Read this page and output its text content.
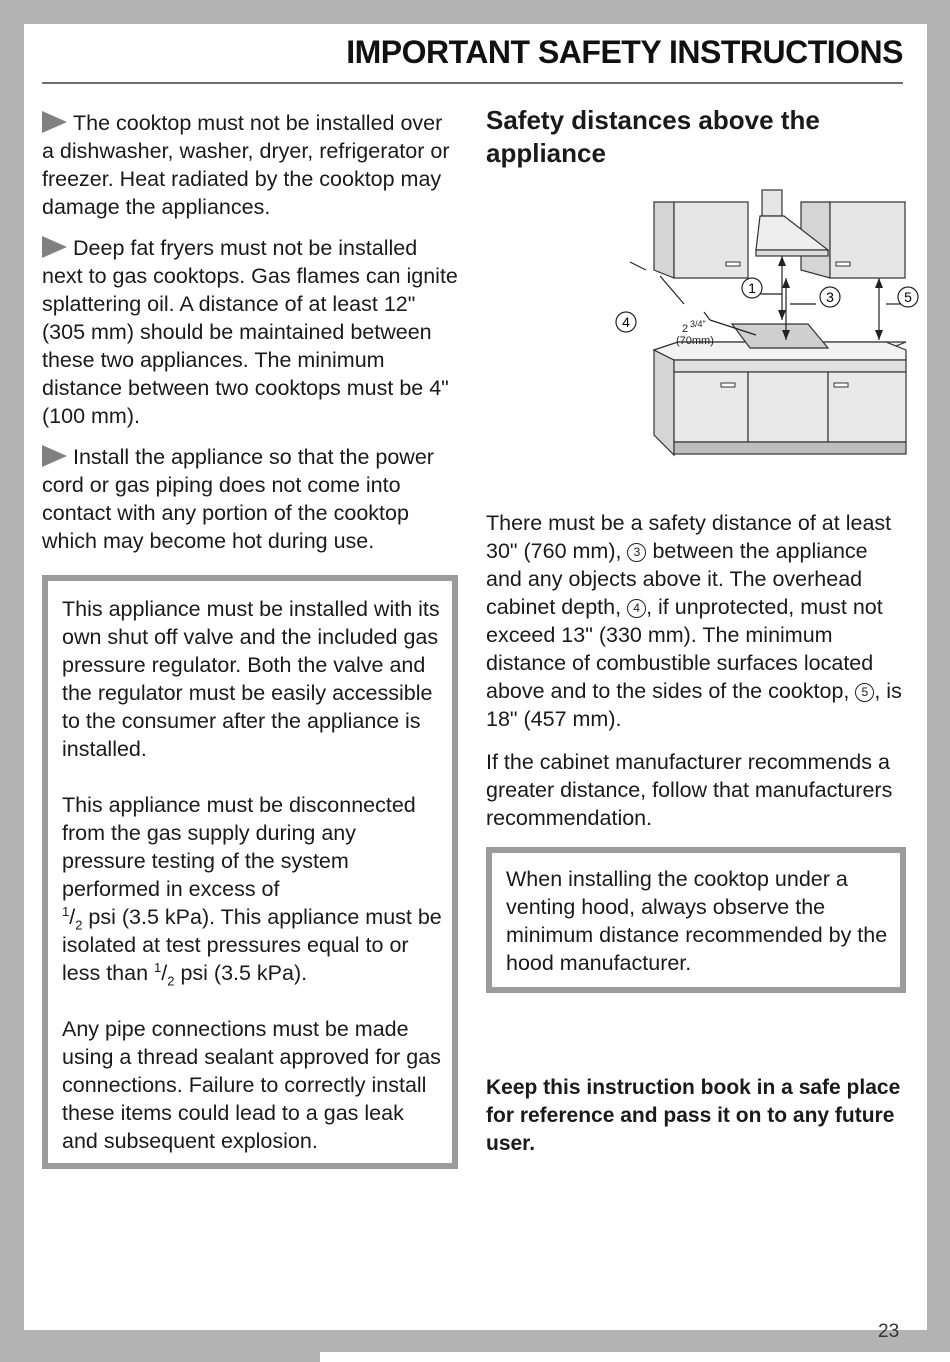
IMPORTANT SAFETY INSTRUCTIONS

The cooktop must not be installed over a dishwasher, washer, dryer, refrigerator or freezer. Heat radiated by the cooktop may damage the appliances.

Deep fat fryers must not be installed next to gas cooktops. Gas flames can ignite splattering oil. A distance of at least 12" (305 mm) should be maintained between these two appliances. The minimum distance between two cooktops must be 4" (100 mm).

Install the appliance so that the power cord or gas piping does not come into contact with any portion of the cooktop which may become hot during use.

This appliance must be installed with its own shut off valve and the included gas pressure regulator. Both the valve and the regulator must be easily accessible to the consumer after the appliance is installed.

This appliance must be disconnected from the gas supply during any pressure testing of the system performed in excess of
$^1/_2$ psi (3.5 kPa). This appliance must be isolated at test pressures equal to or less than $^1/_2$ psi (3.5 kPa).

Any pipe connections must be made using a thread sealant approved for gas connections. Failure to correctly install these items could lead to a gas leak and subsequent explosion.

Safety distances above the appliance
1
3
4
5
2 3/4"
(70mm)

There must be a safety distance of at least 30" (760 mm), 3 between the appliance and any objects above it. The overhead cabinet depth, 4 , if unprotected, must not exceed 13" (330 mm). The minimum distance of combustible surfaces located above and to the sides of the cooktop, 5 , is 18" (457 mm).

If the cabinet manufacturer recommends a greater distance, follow that manufacturers recommendation.

When installing the cooktop under a venting hood, always observe the minimum distance recommended by the hood manufacturer.

Keep this instruction book in a safe place for reference and pass it on to any future user.

23
